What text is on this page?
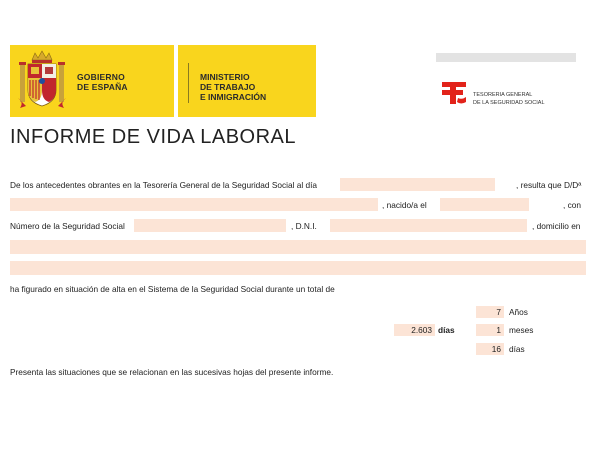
GOBIERNO
DE ESPAÑA
MINISTERIO
DE TRABAJO
E INMIGRACIÓN	TESORERIA GENERAL
DE LA SEGURIDAD SOCIAL
INFORME DE VIDA LABORAL
De los antecedentes obrantes en la Tesorería General de la Seguridad Social al día	, resulta que D/Dª
, nacido/a el	, con
Número de la Seguridad Social	, D.N.I.	, domicilio en
ha figurado en situación de alta en el Sistema de la Seguridad Social durante un total de
7 Años
2.603 días	1 meses
16 días
Presenta las situaciones que se relacionan en las sucesivas hojas del presente informe.
